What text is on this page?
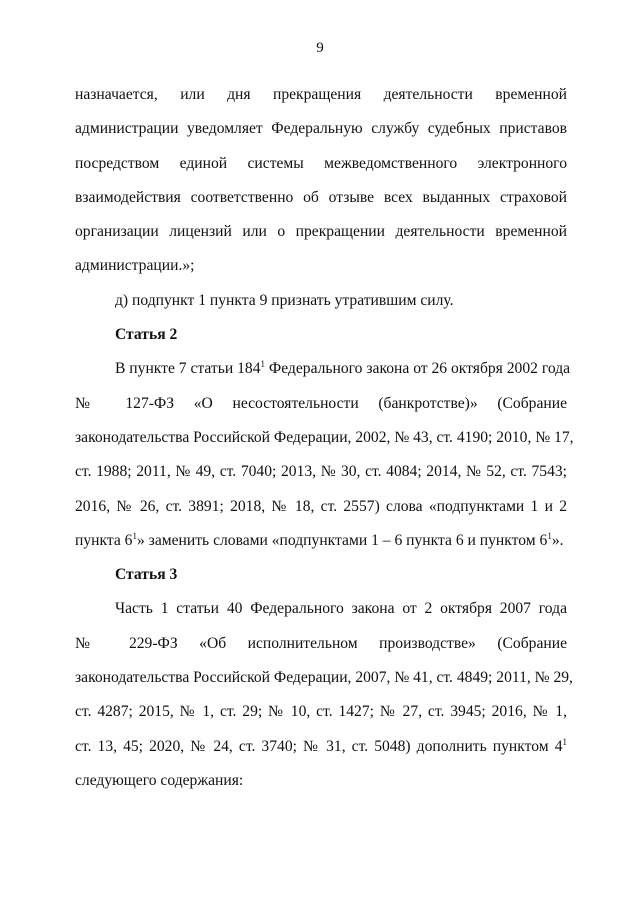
9
назначается, или дня прекращения деятельности временной
администрации уведомляет Федеральную службу судебных приставов
посредством единой системы межведомственного электронного
взаимодействия соответственно об отзыве всех выданных страховой
организации лицензий или о прекращении деятельности временной
администрации.»;
д) подпункт 1 пункта 9 признать утратившим силу.
Статья 2
В пункте 7 статьи $184^1$ Федерального закона от 26 октября 2002 года
№ 127-ФЗ «О несостоятельности (банкротстве)» (Собрание
законодательства Российской Федерации, 2002, № 43, ст. 4190; 2010, № 17,
ст. 1988; 2011, № 49, ст. 7040; 2013, № 30, ст. 4084; 2014, № 52, ст. 7543;
2016, № 26, ст. 3891; 2018, № 18, ст. 2557) слова «подпунктами 1 и 2
пункта $6^1$» заменить словами «подпунктами 1 – 6 пункта 6 и пунктом $6^1$».
Статья 3
Часть 1 статьи 40 Федерального закона от 2 октября 2007 года
№ 229-ФЗ «Об исполнительном производстве» (Собрание
законодательства Российской Федерации, 2007, № 41, ст. 4849; 2011, № 29,
ст. 4287; 2015, № 1, ст. 29; № 10, ст. 1427; № 27, ст. 3945; 2016, № 1,
ст. 13, 45; 2020, № 24, ст. 3740; № 31, ст. 5048) дополнить пунктом $4^1$
следующего содержания:
